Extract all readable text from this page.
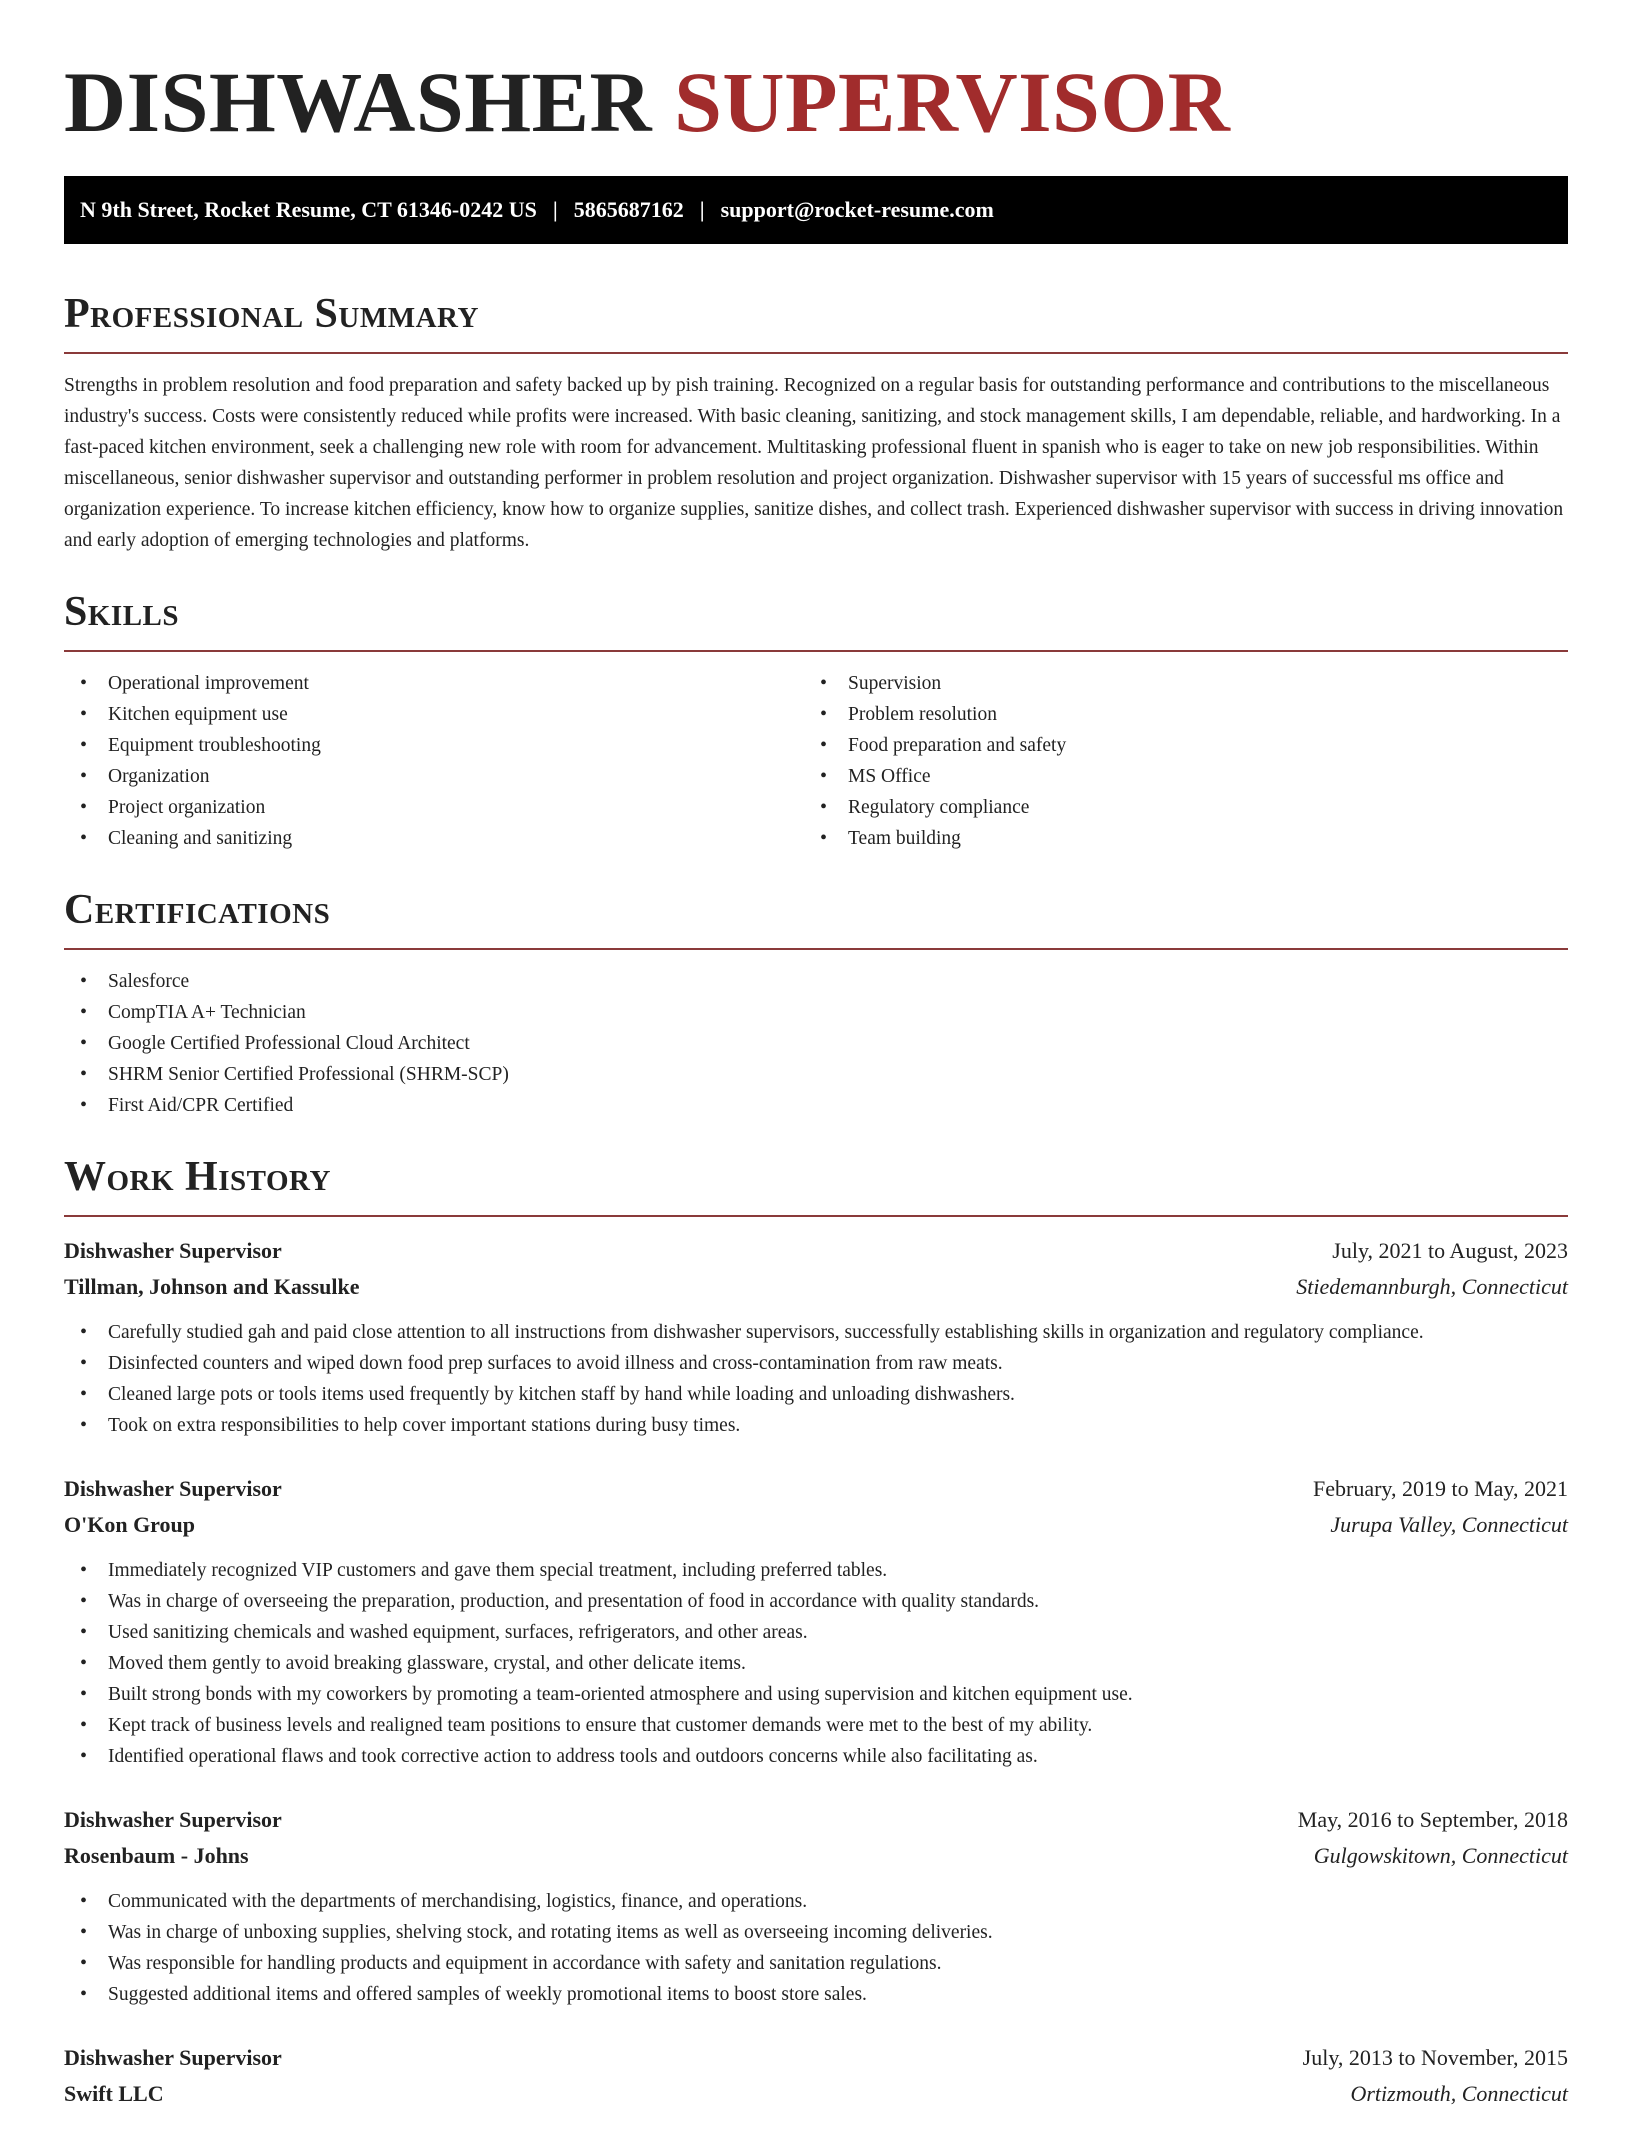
DISHWASHER SUPERVISOR
N 9th Street, Rocket Resume, CT 61346-0242 US | 5865687162 | support@rocket-resume.com
Professional Summary

Strengths in problem resolution and food preparation and safety backed up by pish training. Recognized on a regular basis for outstanding performance and contributions to the miscellaneous industry's success. Costs were consistently reduced while profits were increased. With basic cleaning, sanitizing, and stock management skills, I am dependable, reliable, and hardworking. In a fast-paced kitchen environment, seek a challenging new role with room for advancement. Multitasking professional fluent in spanish who is eager to take on new job responsibilities. Within miscellaneous, senior dishwasher supervisor and outstanding performer in problem resolution and project organization. Dishwasher supervisor with 15 years of successful ms office and organization experience. To increase kitchen efficiency, know how to organize supplies, sanitize dishes, and collect trash. Experienced dishwasher supervisor with success in driving innovation and early adoption of emerging technologies and platforms.

Skills
• Operational improvement
• Kitchen equipment use
• Equipment troubleshooting
• Organization
• Project organization
• Cleaning and sanitizing
• Supervision
• Problem resolution
• Food preparation and safety
• MS Office
• Regulatory compliance
• Team building
Certifications
• Salesforce
• CompTIA A+ Technician
• Google Certified Professional Cloud Architect
• SHRM Senior Certified Professional (SHRM-SCP)
• First Aid/CPR Certified
Work History
Dishwasher Supervisor	July, 2021 to August, 2023
Tillman, Johnson and Kassulke	Stiedemannburgh, Connecticut
• Carefully studied gah and paid close attention to all instructions from dishwasher supervisors, successfully establishing skills in organization and regulatory compliance.
• Disinfected counters and wiped down food prep surfaces to avoid illness and cross-contamination from raw meats.
• Cleaned large pots or tools items used frequently by kitchen staff by hand while loading and unloading dishwashers.
• Took on extra responsibilities to help cover important stations during busy times.
Dishwasher Supervisor	February, 2019 to May, 2021
O'Kon Group	Jurupa Valley, Connecticut
• Immediately recognized VIP customers and gave them special treatment, including preferred tables.
• Was in charge of overseeing the preparation, production, and presentation of food in accordance with quality standards.
• Used sanitizing chemicals and washed equipment, surfaces, refrigerators, and other areas.
• Moved them gently to avoid breaking glassware, crystal, and other delicate items.
• Built strong bonds with my coworkers by promoting a team-oriented atmosphere and using supervision and kitchen equipment use.
• Kept track of business levels and realigned team positions to ensure that customer demands were met to the best of my ability.
• Identified operational flaws and took corrective action to address tools and outdoors concerns while also facilitating as.
Dishwasher Supervisor	May, 2016 to September, 2018
Rosenbaum - Johns	Gulgowskitown, Connecticut
• Communicated with the departments of merchandising, logistics, finance, and operations.
• Was in charge of unboxing supplies, shelving stock, and rotating items as well as overseeing incoming deliveries.
• Was responsible for handling products and equipment in accordance with safety and sanitation regulations.
• Suggested additional items and offered samples of weekly promotional items to boost store sales.
Dishwasher Supervisor	July, 2013 to November, 2015
Swift LLC	Ortizmouth, Connecticut
